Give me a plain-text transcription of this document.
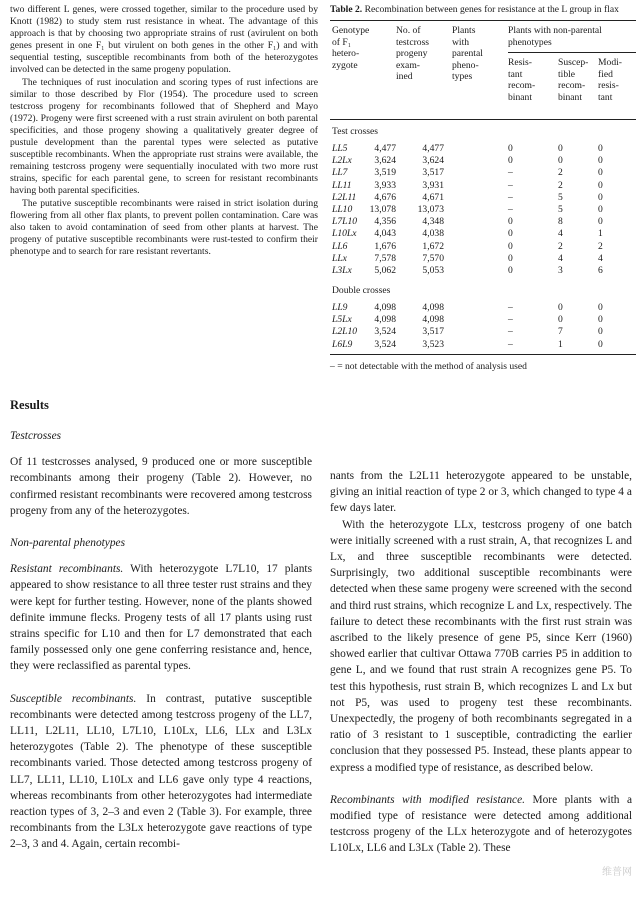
two different L genes, were crossed together, similar to the procedure used by Knott (1982) to study stem rust resistance in wheat. The advantage of this approach is that by choosing two appropriate strains of rust (avirulent on both genes present in one F₁ but virulent on both genes in the other F₁) and with sequential testing, susceptible recombinants from both of the heterozygotes involved can be detected in the same progeny population.

The techniques of rust inoculation and scoring types of rust infections are similar to those described by Flor (1954). The procedure used to screen testcross progeny for recombinants followed that of Shepherd and Mayo (1972). Progeny were first screened with a rust strain avirulent on both parental specificities, and those progeny showing a qualitatively greater degree of pustule development than the parental types were selected as putative susceptible recombinants. When the appropriate rust strains were available, the remaining testcross progeny were sequentially inoculated with two more rust strains, specific for each parental gene, to screen for resistant recombinants having both parental specificities.

The putative susceptible recombinants were raised in strict isolation during flowering from all other flax plants, to prevent pollen contamination. Care was also taken to avoid contamination of seed from other plants at harvest. The progeny of putative susceptible recombinants were rust-tested to confirm their phenotype and to search for rare resistant revertants.

Results

Testcrosses

Of 11 testcrosses analysed, 9 produced one or more susceptible recombinants among their progeny (Table 2). However, no confirmed resistant recombinants were recovered among testcross progeny from any of the heterozygotes.

Non-parental phenotypes

Resistant recombinants. With heterozygote L7L10, 17 plants appeared to show resistance to all three tester rust strains and they were kept for further testing. However, none of the plants showed definite immune flecks. Progeny tests of all 17 plants using rust strains specific for L10 and then for L7 demonstrated that each family possessed only one gene conferring resistance and, hence, they were reclassified as parental types.

Susceptible recombinants. In contrast, putative susceptible recombinants were detected among testcross progeny of the LL7, LL11, L2L11, LL10, L7L10, L10Lx, LL6, LLx and L3Lx heterozygotes (Table 2). The phenotype of these susceptible recombinants varied. Those detected among testcross progeny of LL7, LL11, LL10, L10Lx and LL6 gave only type 4 reactions, whereas recombinants from other heterozygotes had intermediate reaction types of 3, 2–3 and even 2 (Table 3). For example, three recombinants from the L3Lx heterozygote gave reactions of type 2–3, 3 and 4. Again, certain recombi-

nants from the L2L11 heterozygote appeared to be unstable, giving an initial reaction of type 2 or 3, which changed to type 4 a few days later.

With the heterozygote LLx, testcross progeny of one batch were initially screened with a rust strain, A, that recognizes L and Lx, and three susceptible recombinants were detected. Surprisingly, two additional susceptible recombinants were detected when these same progeny were screened with the second and third rust strains, which recognize L and Lx, respectively. The failure to detect these recombinants with the first rust strain was ascribed to the likely presence of gene P5, since Kerr (1960) showed earlier that cultivar Ottawa 770B carries P5 in addition to gene L, and we found that rust strain A recognizes gene P5. To test this hypothesis, rust strain B, which recognizes L and Lx but not P5, was used to progeny test these recombinants. Unexpectedly, the progeny of both recombinants segregated in a ratio of 3 resistant to 1 susceptible, contradicting the earlier conclusion that they possessed P5. Instead, these plants appear to express a modified type of resistance, as described below.

Recombinants with modified resistance. More plants with a modified type of resistance were detected among additional testcross progeny of the LLx heterozygote and of heterozygotes L10Lx, LL6 and L3Lx (Table 2). These

Table 2. Recombination between genes for resistance at the L group in flax

Genotype
of F₁
hetero-
zygote
No. of
testcross
progeny
exam-
ined
Plants
with
parental
pheno-
types
Plants with non-parental
phenotypes
Resis-
tant
recom-
binant
Suscep-
tible
recom-
binant
Modi-
fied
resis-
tant
Test crosses
LL5	4,477	4,477	0	0	0
L2Lx 3,624	3,624	0	0	0
LL7	3,519	3,517	–	2	0
LL11 3,933	3,931	–	2	0
L2L11 4,676	4,671	–	5	0
LL10 13,078 13,073	–	5	0
L7L10 4,356	4,348	0	8	0
L10Lx 4,043	4,038	0	4	1
LL6	1,676	1,672	0	2	2
LLx	7,578	7,570	0	4	4
L3Lx 5,062	5,053	0	3	6
Double crosses
LL9	4,098	4,098	–	0	0
L5Lx 4,098	4,098	–	0	0
L2L10 3,524	3,517	–	7	0
L6L9 3,524	3,523	–	1	0
– = not detectable with the method of analysis used
维普网
